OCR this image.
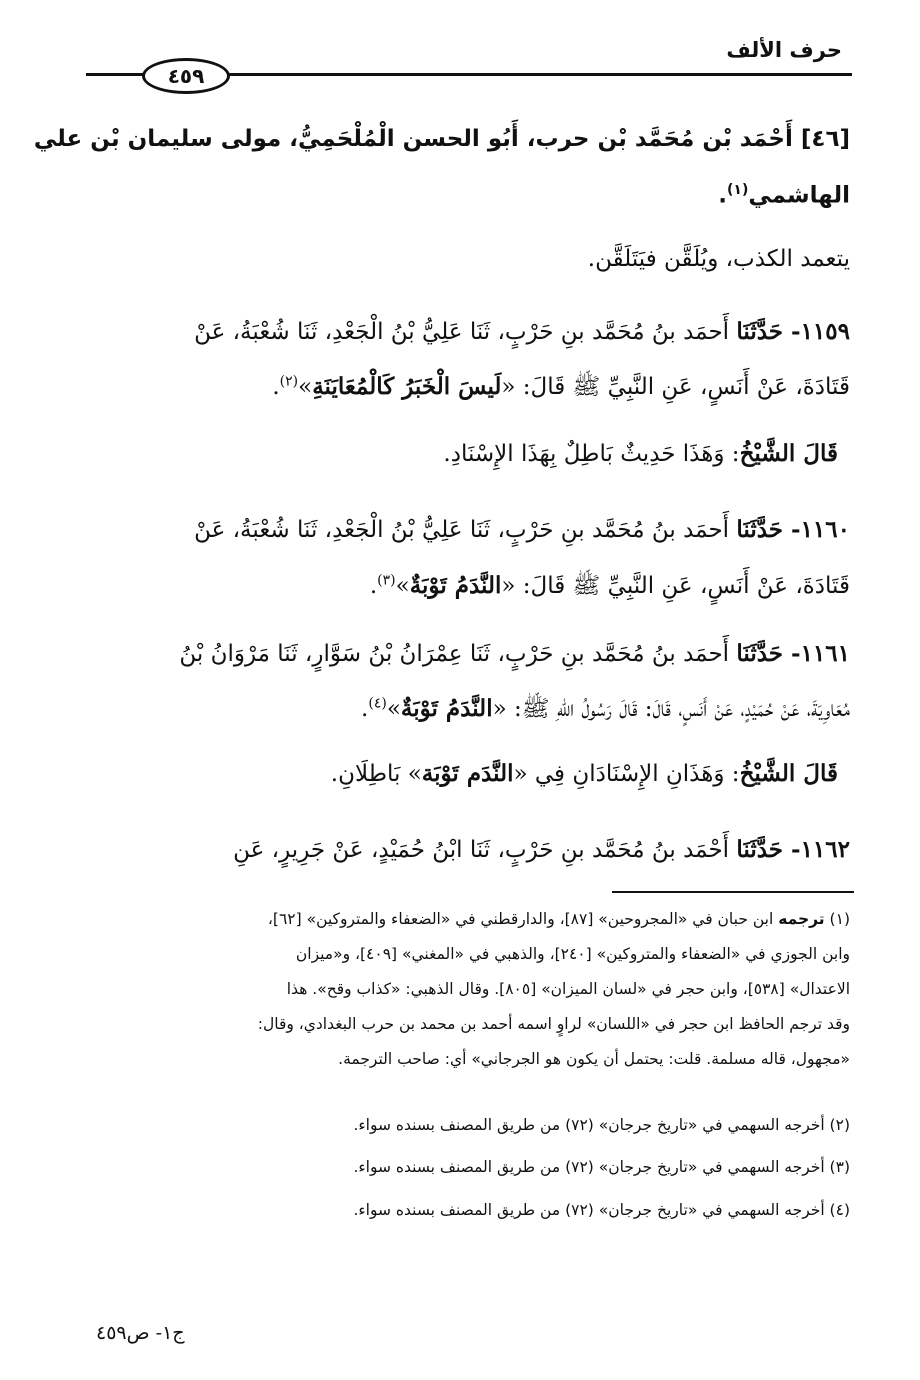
حرف الألف
٤٥٩
[٤٦] أَحْمَد بْن مُحَمَّد بْن حرب، أَبُو الحسن الْمُلْحَمِيُّ، مولى سليمان بْن علي
الهاشمي$^{(١)}$.
يتعمد الكذب، ويُلَقَّن فيَتَلَقَّن.
١١٥٩- حَدَّثَنَا أَحمَد بنُ مُحَمَّد بنِ حَرْبٍ، ثَنَا عَلِيُّ بْنُ الْجَعْدِ، ثَنَا شُعْبَةُ، عَنْ
قَتَادَةَ، عَنْ أَنَسٍ، عَنِ النَّبِيِّ ﷺ قَالَ: «لَيسَ الْخَبَرُ كَالْمُعَايَنَةِ»$^{(٢)}$.
قَالَ الشَّيْخُ: وَهَذَا حَدِيثٌ بَاطِلٌ بِهَذَا الإِسْنَادِ.
١١٦٠- حَدَّثَنَا أَحمَد بنُ مُحَمَّد بنِ حَرْبٍ، ثَنَا عَلِيُّ بْنُ الْجَعْدِ، ثَنَا شُعْبَةُ، عَنْ
قَتَادَةَ، عَنْ أَنَسٍ، عَنِ النَّبِيِّ ﷺ قَالَ: «النَّدَمُ تَوْبَةٌ»$^{(٣)}$.
١١٦١- حَدَّثَنَا أَحمَد بنُ مُحَمَّد بنِ حَرْبٍ، ثَنَا عِمْرَانُ بْنُ سَوَّارٍ، ثَنَا مَرْوَانُ بْنُ
مُعَاوِيَةَ، عَنْ حُمَيْدٍ، عَنْ أَنَسٍ، قَالَ: قَالَ رَسُولُ اللهِ ﷺ: «النَّدَمُ تَوْبَةٌ»$^{(٤)}$.
قَالَ الشَّيْخُ: وَهَذَانِ الإِسْنَادَانِ فِي «النَّدَم تَوْبَة» بَاطِلَانِ.
١١٦٢- حَدَّثَنَا أَحْمَد بنُ مُحَمَّد بنِ حَرْبٍ، ثَنَا ابْنُ حُمَيْدٍ، عَنْ جَرِيرٍ، عَنِ
(١) ترجمه ابن حبان في «المجروحين» [٨٧]، والدارقطني في «الضعفاء والمتروكين» [٦٢]،
وابن الجوزي في «الضعفاء والمتروكين» [٢٤٠]، والذهبي في «المغني» [٤٠٩]، و«ميزان
الاعتدال» [٥٣٨]، وابن حجر في «لسان الميزان» [٨٠٥]. وقال الذهبي: «كذاب وقح». هذا
وقد ترجم الحافظ ابن حجر في «اللسان» لراوٍ اسمه أحمد بن محمد بن حرب البغدادي، وقال:
«مجهول، قاله مسلمة. قلت: يحتمل أن يكون هو الجرجاني» أي: صاحب الترجمة.
(٢) أخرجه السهمي في «تاريخ جرجان» (٧٢) من طريق المصنف بسنده سواء.
(٣) أخرجه السهمي في «تاريخ جرجان» (٧٢) من طريق المصنف بسنده سواء.
(٤) أخرجه السهمي في «تاريخ جرجان» (٧٢) من طريق المصنف بسنده سواء.
ج١- ص٤٥٩
